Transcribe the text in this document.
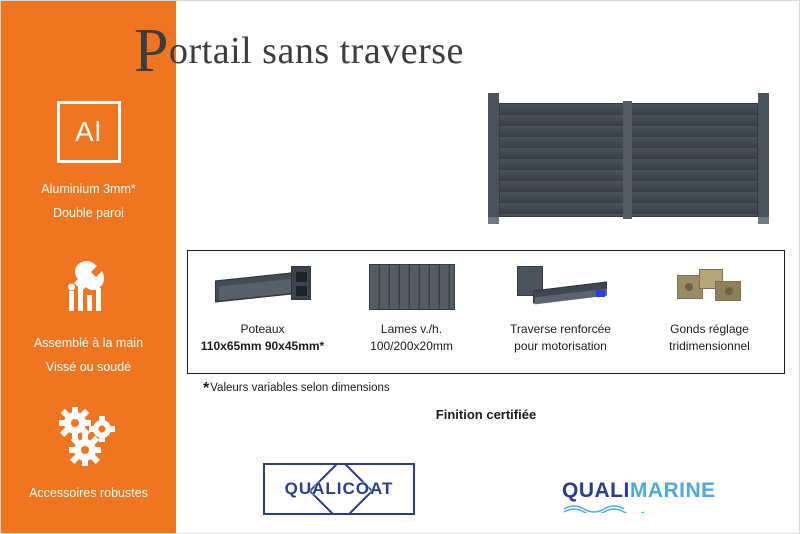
Al
Aluminium 3mm*
Double paroi
Assemblé à la main
Vissé ou soudé
Accessoires robustes
Portail sans traverse
Poteaux
110x65mm 90x45mm*
Lames v./h.
100/200x20mm
Traverse renforcée
pour motorisation
Gonds réglage
tridimensionnel
*Valeurs variables selon dimensions
Finition certifiée
QUALICOAT	QUALI MARINE
